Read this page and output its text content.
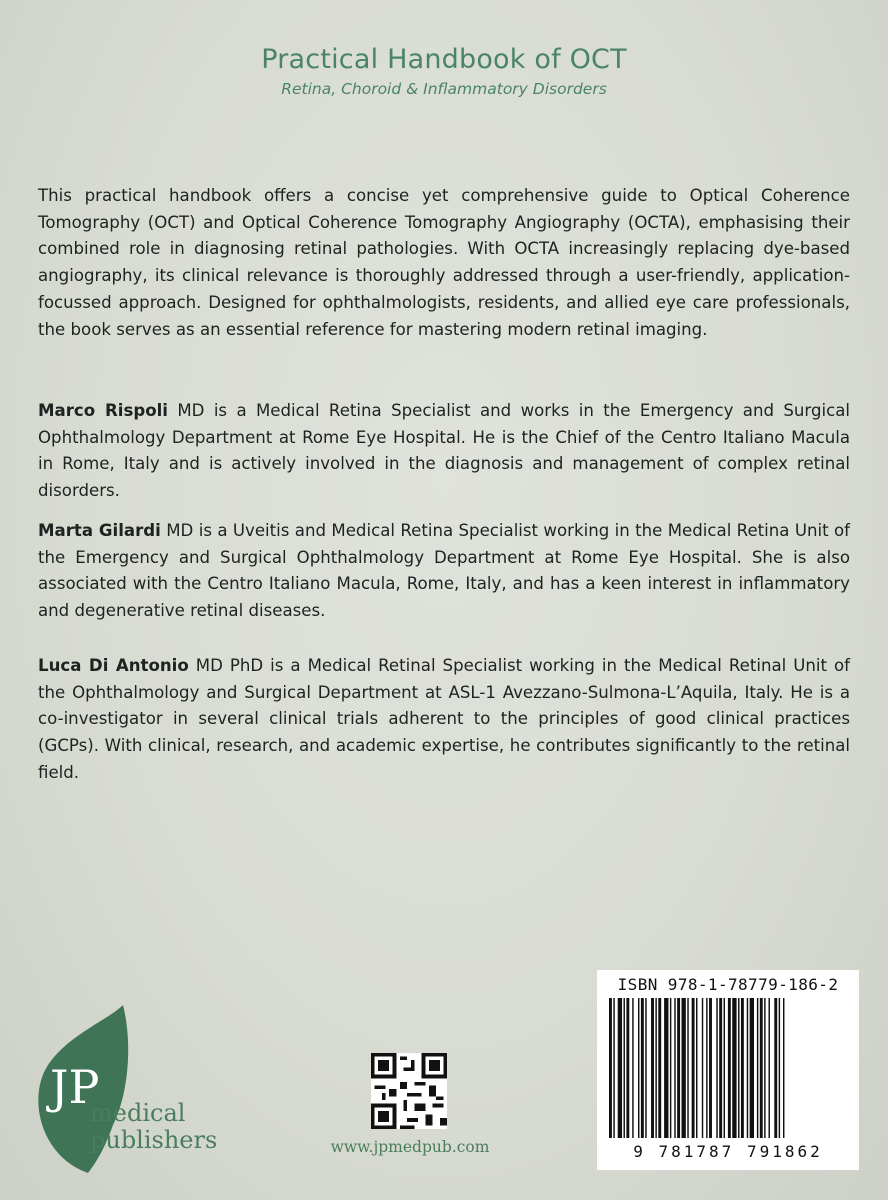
Practical Handbook of OCT
Retina, Choroid & Inflammatory Disorders

This practical handbook offers a concise yet comprehensive guide to Optical Coherence Tomography (OCT) and Optical Coherence Tomography Angiography (OCTA), emphasising their combined role in diagnosing retinal pathologies. With OCTA increasingly replacing dye-based angiography, its clinical relevance is thoroughly addressed through a user-friendly, application-focussed approach. Designed for ophthalmologists, residents, and allied eye care professionals, the book serves as an essential reference for mastering modern retinal imaging.

Marco Rispoli MD is a Medical Retina Specialist and works in the Emergency and Surgical Ophthalmology Department at Rome Eye Hospital. He is the Chief of the Centro Italiano Macula in Rome, Italy and is actively involved in the diagnosis and management of complex retinal disorders.

Marta Gilardi MD is a Uveitis and Medical Retina Specialist working in the Medical Retina Unit of the Emergency and Surgical Ophthalmology Department at Rome Eye Hospital. She is also associated with the Centro Italiano Macula, Rome, Italy, and has a keen interest in inflammatory and degenerative retinal diseases.

Luca Di Antonio MD PhD is a Medical Retinal Specialist working in the Medical Retinal Unit of the Ophthalmology and Surgical Department at ASL-1 Avezzano-Sulmona-L’Aquila, Italy. He is a co-investigator in several clinical trials adherent to the principles of good clinical practices (GCPs). With clinical, research, and academic expertise, he contributes significantly to the retinal field.

JP
medical
publishers	www.jpmedpub.com
ISBN 978-1-78779-186-2
9 781787 791862
